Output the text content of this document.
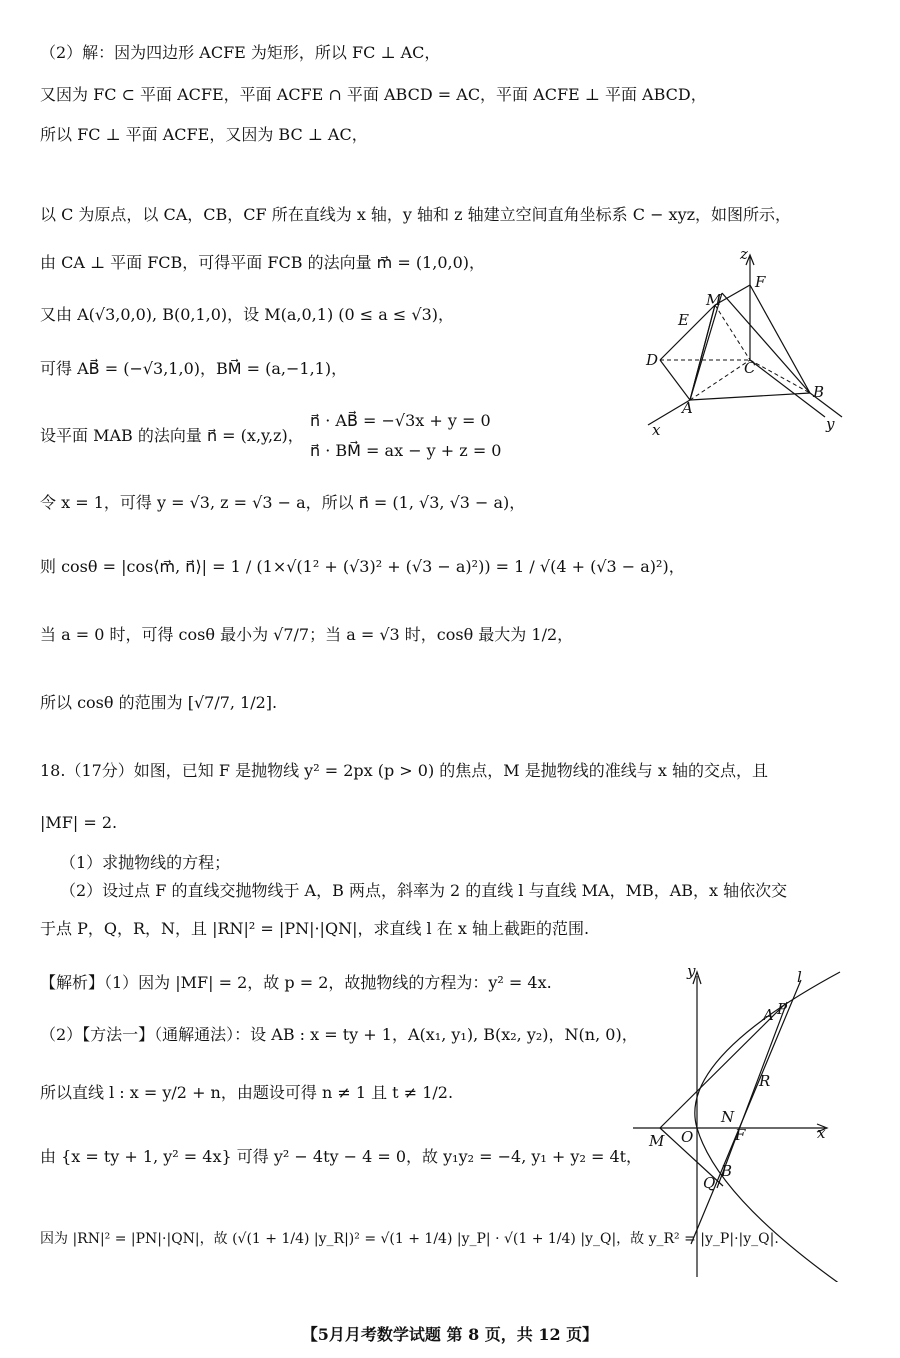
（2）解：因为四边形 ACFE 为矩形，所以 FC ⊥ AC，
又因为 FC ⊂ 平面 ACFE，平面 ACFE ∩ 平面 ABCD = AC，平面 ACFE ⊥ 平面 ABCD，
所以 FC ⊥ 平面 ACFE，又因为 BC ⊥ AC，
以 C 为原点，以 CA，CB，CF 所在直线为 x 轴，y 轴和 z 轴建立空间直角坐标系 C − xyz，如图所示，
由 CA ⊥ 平面 FCB，可得平面 FCB 的法向量 m⃗ = (1,0,0)，
又由 A(√3,0,0), B(0,1,0)，设 M(a,0,1) (0 ≤ a ≤ √3)，
可得 AB⃗ = (−√3,1,0)，BM⃗ = (a,−1,1)，
设平面 MAB 的法向量 n⃗ = (x,y,z)，
n⃗ · AB⃗ = −√3x + y = 0
n⃗ · BM⃗ = ax − y + z = 0
令 x = 1，可得 y = √3, z = √3 − a，所以 n⃗ = (1, √3, √3 − a)，
则 cosθ = |cos⟨m⃗, n⃗⟩| = 1 / (1×√(1² + (√3)² + (√3 − a)²)) = 1 / √(4 + (√3 − a)²)，
当 a = 0 时，可得 cosθ 最小为 √7/7；当 a = √3 时，cosθ 最大为 1/2，
所以 cosθ 的范围为 [√7/7, 1/2].
18.（17分）如图，已知 F 是抛物线 y² = 2px (p > 0) 的焦点，M 是抛物线的准线与 x 轴的交点，且
|MF| = 2.
（1）求抛物线的方程；
（2）设过点 F 的直线交抛物线于 A，B 两点，斜率为 2 的直线 l 与直线 MA，MB，AB，x 轴依次交
于点 P，Q，R，N，且 |RN|² = |PN|·|QN|，求直线 l 在 x 轴上截距的范围.
【解析】（1）因为 |MF| = 2，故 p = 2，故抛物线的方程为：y² = 4x.
（2）【方法一】（通解通法）：设 AB : x = ty + 1，A(x₁, y₁), B(x₂, y₂)，N(n, 0)，
所以直线 l : x = y/2 + n，由题设可得 n ≠ 1 且 t ≠ 1/2.
由 {x = ty + 1, y² = 4x} 可得 y² − 4ty − 4 = 0，故 y₁y₂ = −4, y₁ + y₂ = 4t，
因为 |RN|² = |PN|·|QN|，故 (√(1 + 1/4) |y_R|)² = √(1 + 1/4) |y_P| · √(1 + 1/4) |y_Q|，故 y_R² = |y_P|·|y_Q|.
z
F
M
E
D	C
B
A
x	y
y	l
P
A
R
N
F	x
M O
B
Q
【5月月考数学试题 第 8 页，共 12 页】
